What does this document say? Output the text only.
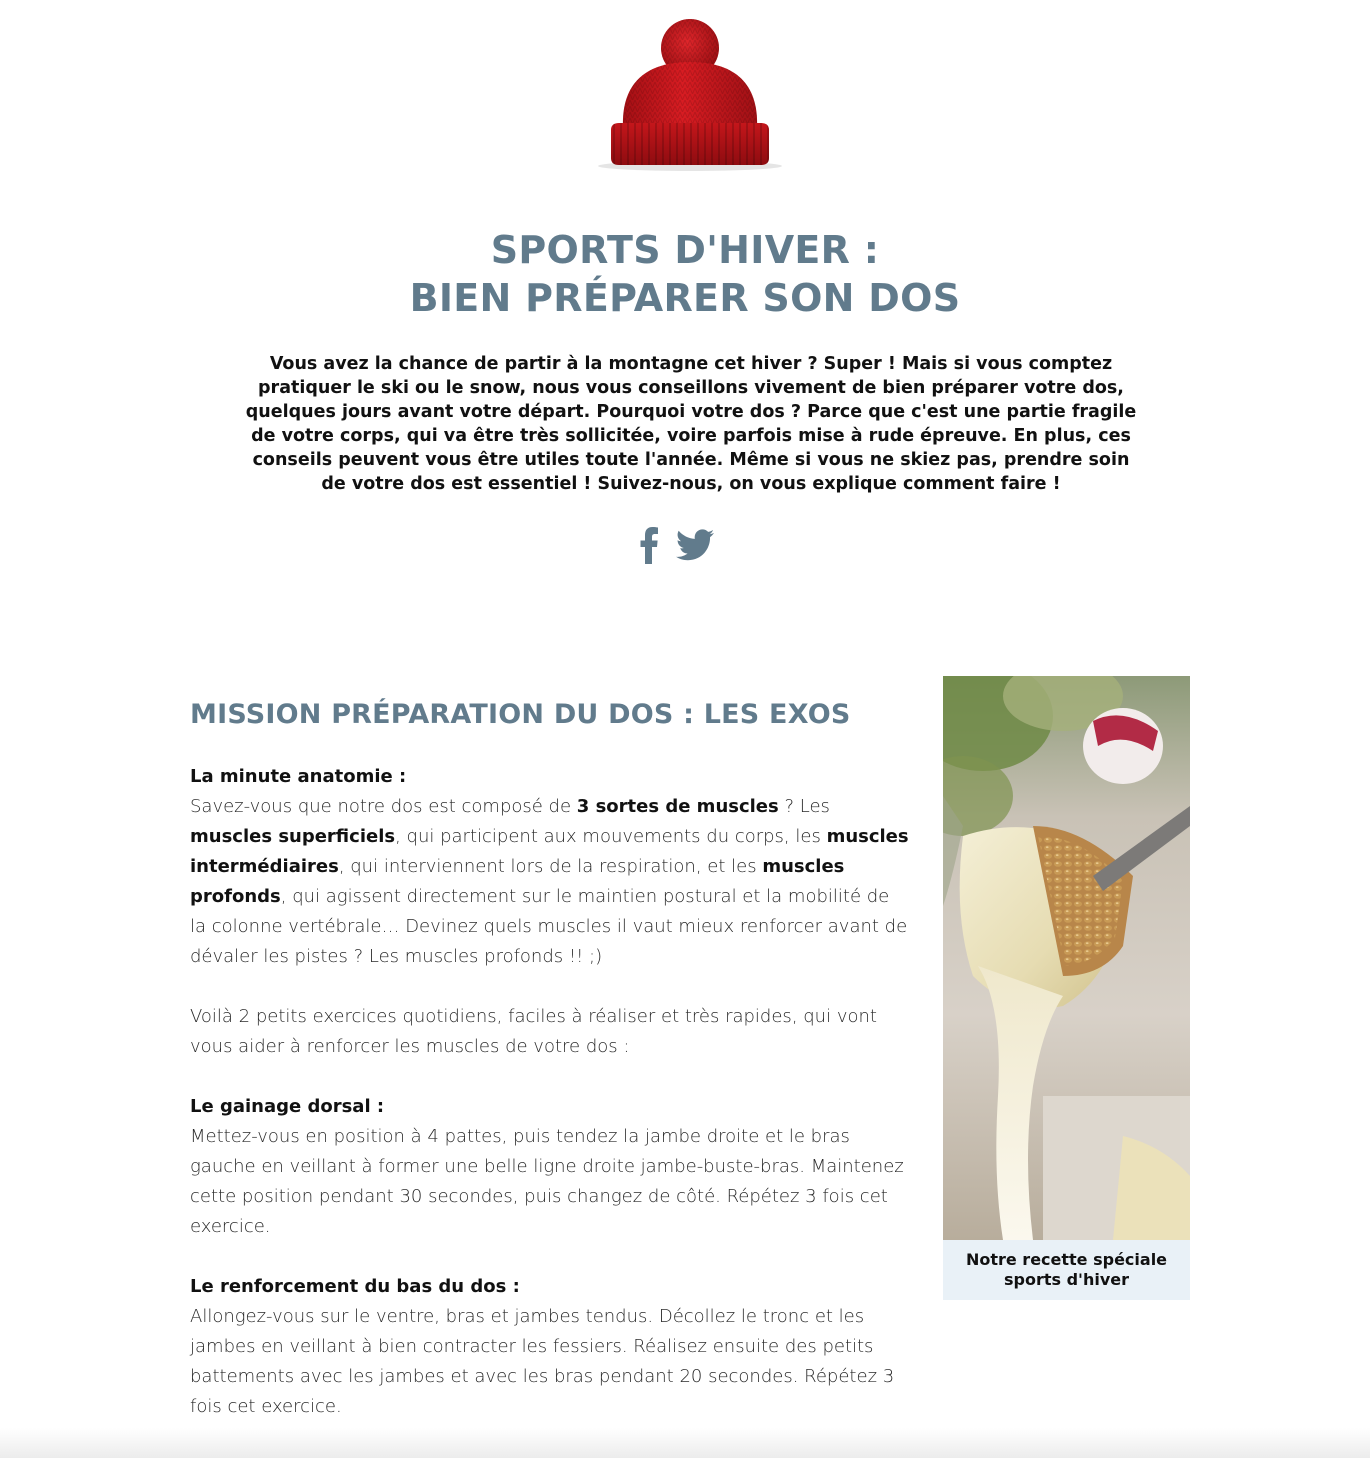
SPORTS D'HIVER :
BIEN PRÉPARER SON DOS
Vous avez la chance de partir à la montagne cet hiver ? Super ! Mais si vous comptez pratiquer le ski ou le snow, nous vous conseillons vivement de bien préparer votre dos, quelques jours avant votre départ. Pourquoi votre dos ? Parce que c'est une partie fragile de votre corps, qui va être très sollicitée, voire parfois mise à rude épreuve. En plus, ces conseils peuvent vous être utiles toute l'année. Même si vous ne skiez pas, prendre soin de votre dos est essentiel ! Suivez-nous, on vous explique comment faire !
MISSION PRÉPARATION DU DOS : LES EXOS

La minute anatomie :
Savez-vous que notre dos est composé de 3 sortes de muscles ? Les muscles superficiels, qui participent aux mouvements du corps, les muscles intermédiaires, qui interviennent lors de la respiration, et les muscles profonds, qui agissent directement sur le maintien postural et la mobilité de la colonne vertébrale… Devinez quels muscles il vaut mieux renforcer avant de dévaler les pistes ? Les muscles profonds !! ;)

Voilà 2 petits exercices quotidiens, faciles à réaliser et très rapides, qui vont vous aider à renforcer les muscles de votre dos :

Le gainage dorsal :
Mettez-vous en position à 4 pattes, puis tendez la jambe droite et le bras gauche en veillant à former une belle ligne droite jambe-buste-bras. Maintenez cette position pendant 30 secondes, puis changez de côté. Répétez 3 fois cet exercice.

Le renforcement du bas du dos :
Allongez-vous sur le ventre, bras et jambes tendus. Décollez le tronc et les jambes en veillant à bien contracter les fessiers. Réalisez ensuite des petits battements avec les jambes et avec les bras pendant 20 secondes. Répétez 3 fois cet exercice.

Notre recette spéciale sports d'hiver
